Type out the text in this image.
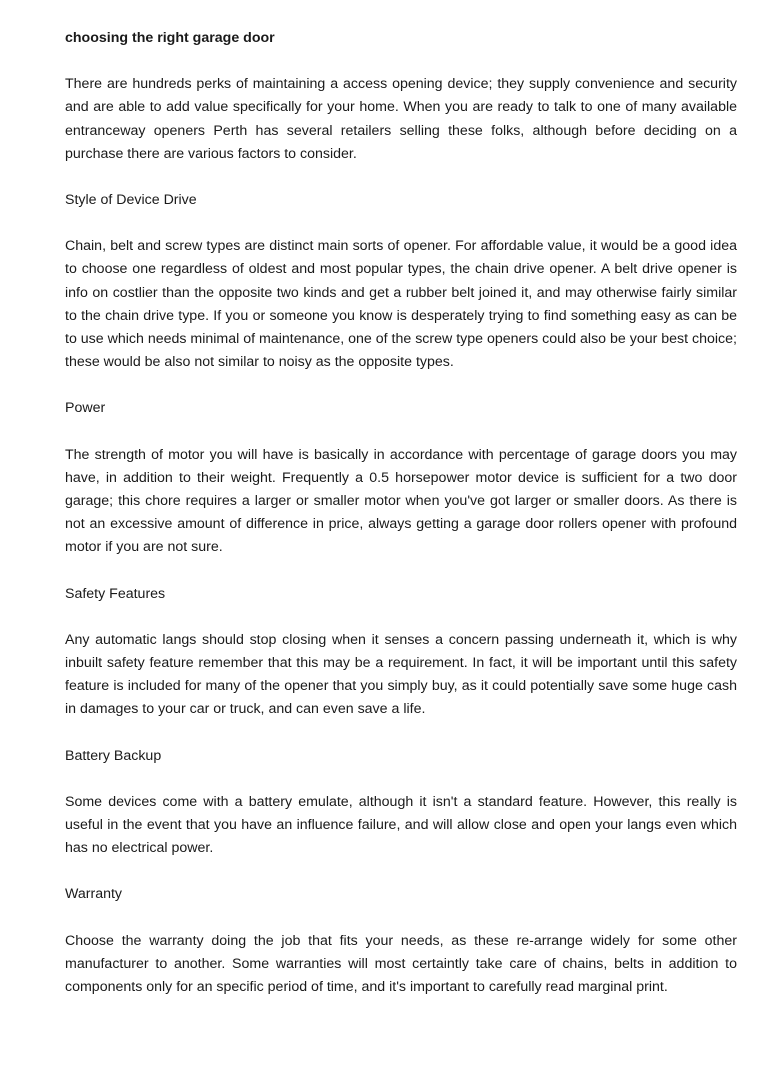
choosing the right garage door

There are hundreds perks of maintaining a access opening device; they supply convenience and security and are able to add value specifically for your home. When you are ready to talk to one of many available entranceway openers Perth has several retailers selling these folks, although before deciding on a purchase there are various factors to consider.

Style of Device Drive

Chain, belt and screw types are distinct main sorts of opener. For affordable value, it would be a good idea to choose one regardless of oldest and most popular types, the chain drive opener. A belt drive opener is info on costlier than the opposite two kinds and get a rubber belt joined it, and may otherwise fairly similar to the chain drive type. If you or someone you know is desperately trying to find something easy as can be to use which needs minimal of maintenance, one of the screw type openers could also be your best choice; these would be also not similar to noisy as the opposite types.

Power

The strength of motor you will have is basically in accordance with percentage of garage doors you may have, in addition to their weight. Frequently a 0.5 horsepower motor device is sufficient for a two door garage; this chore requires a larger or smaller motor when you've got larger or smaller doors. As there is not an excessive amount of difference in price, always getting a garage door rollers opener with profound motor if you are not sure.

Safety Features

Any automatic langs should stop closing when it senses a concern passing underneath it, which is why inbuilt safety feature remember that this may be a requirement. In fact, it will be important until this safety feature is included for many of the opener that you simply buy, as it could potentially save some huge cash in damages to your car or truck, and can even save a life.

Battery Backup

Some devices come with a battery emulate, although it isn't a standard feature. However, this really is useful in the event that you have an influence failure, and will allow close and open your langs even which has no electrical power.

Warranty

Choose the warranty doing the job that fits your needs, as these re-arrange widely for some other manufacturer to another. Some warranties will most certaintly take care of chains, belts in addition to components only for an specific period of time, and it's important to carefully read marginal print.
